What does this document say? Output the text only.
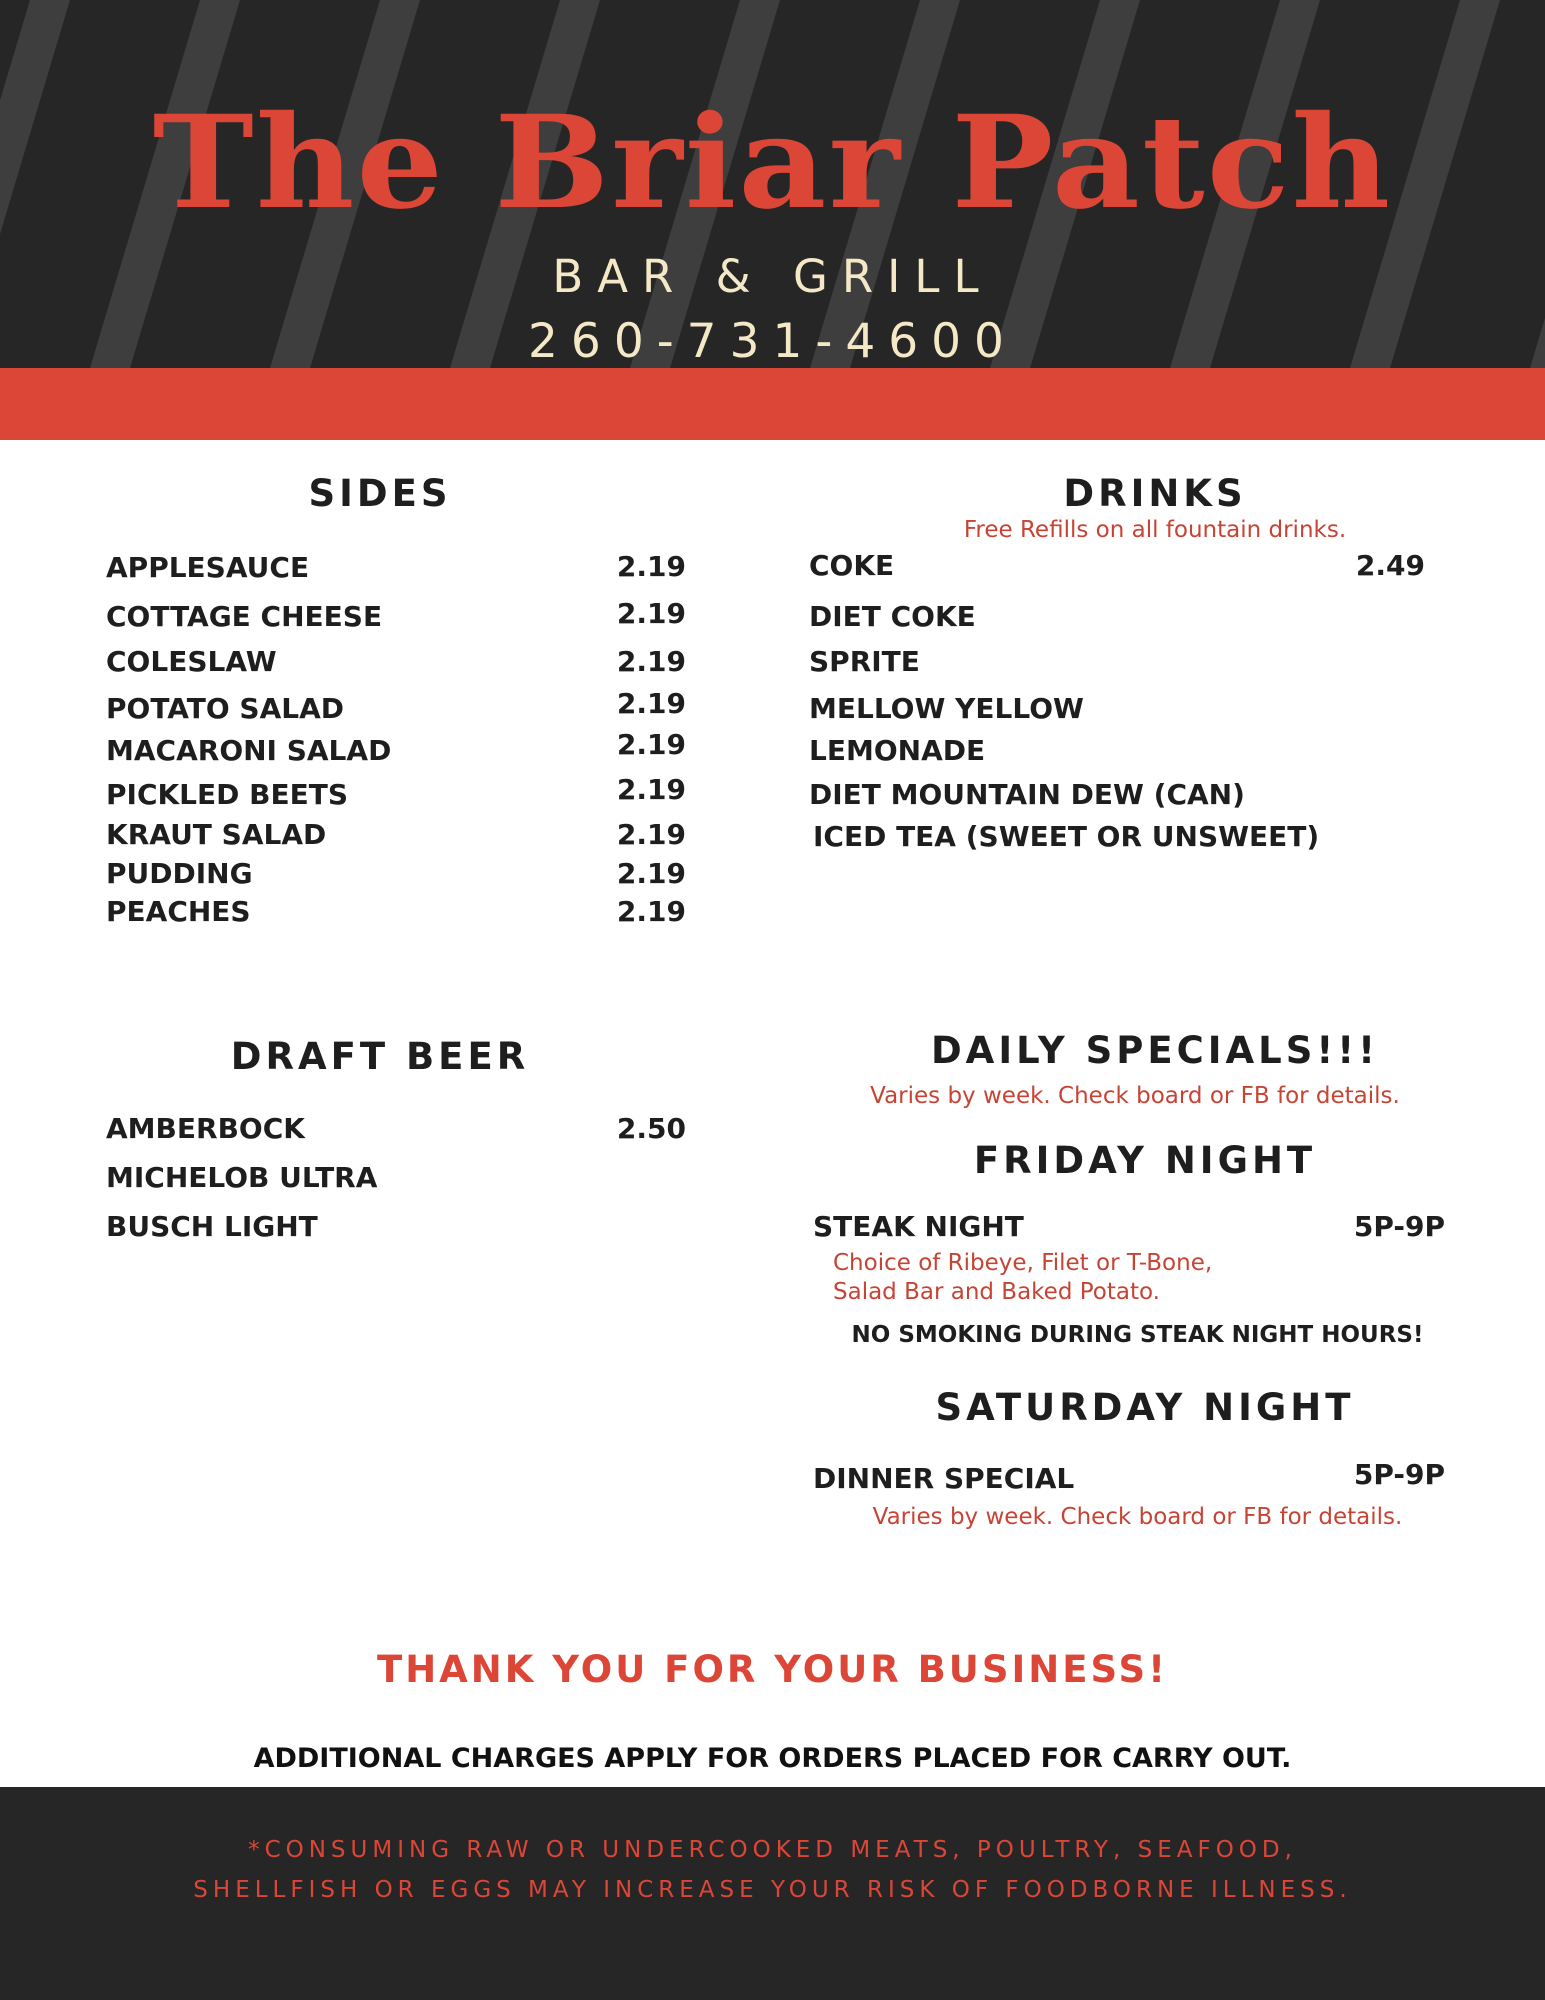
The Briar Patch
BAR & GRILL
260-731-4600
SIDES
APPLESAUCE	2.19
COTTAGE CHEESE	2.19
COLESLAW	2.19
POTATO SALAD	2.19
MACARONI SALAD	2.19
PICKLED BEETS	2.19
KRAUT SALAD	2.19
PUDDING	2.19
PEACHES	2.19
DRINKS
Free Refills on all fountain drinks.
COKE	2.49
DIET COKE
SPRITE
MELLOW YELLOW
LEMONADE
DIET MOUNTAIN DEW (CAN)
ICED TEA (SWEET OR UNSWEET)
DRAFT BEER
AMBERBOCK	2.50
MICHELOB ULTRA
BUSCH LIGHT
DAILY SPECIALS!!!
Varies by week. Check board or FB for details.
FRIDAY NIGHT
STEAK NIGHT	5P-9P
Choice of Ribeye, Filet or T-Bone,
Salad Bar and Baked Potato.
NO SMOKING DURING STEAK NIGHT HOURS!
SATURDAY NIGHT
DINNER SPECIAL	5P-9P
Varies by week. Check board or FB for details.
THANK YOU FOR YOUR BUSINESS!
ADDITIONAL CHARGES APPLY FOR ORDERS PLACED FOR CARRY OUT.
*CONSUMING RAW OR UNDERCOOKED MEATS, POULTRY, SEAFOOD,
SHELLFISH OR EGGS MAY INCREASE YOUR RISK OF FOODBORNE ILLNESS.
